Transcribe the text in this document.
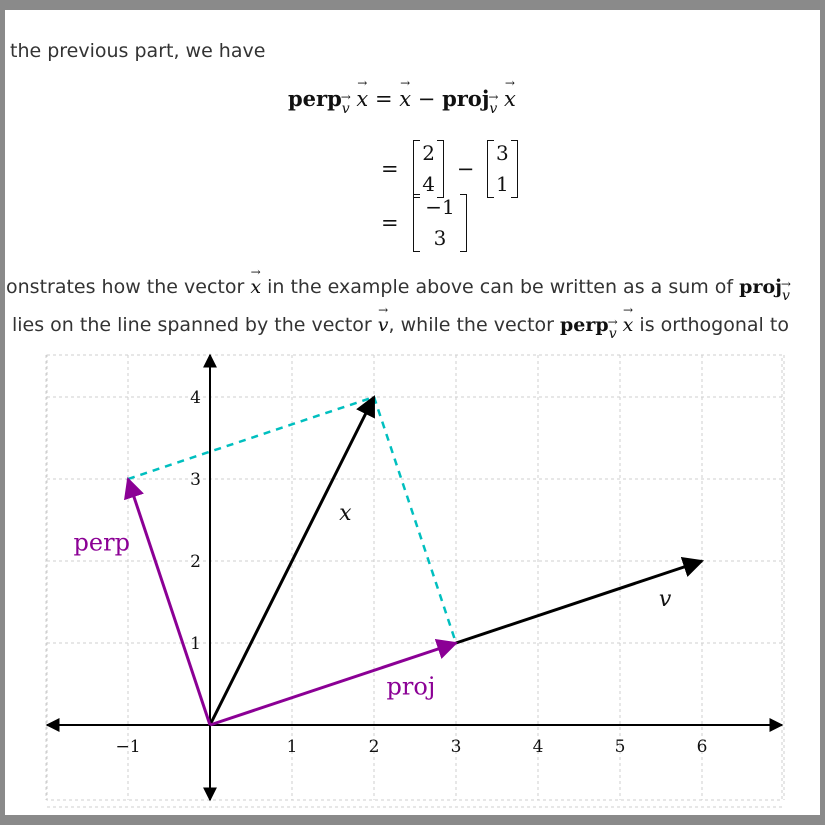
the previous part, we have
perp→ $_v$ → x = → x − proj→ $_v$ → x
=
2
4
−
3
1
=
−1
3
onstrates how the vector → x in the example above can be written as a sum of proj→ $_v$
lies on the line spanned by the vector → v, while the vector perp→ $_v$ → x is orthogonal to
−1	1	2	3	4	5	6
1
2
3
4
x
v
proj
perp
